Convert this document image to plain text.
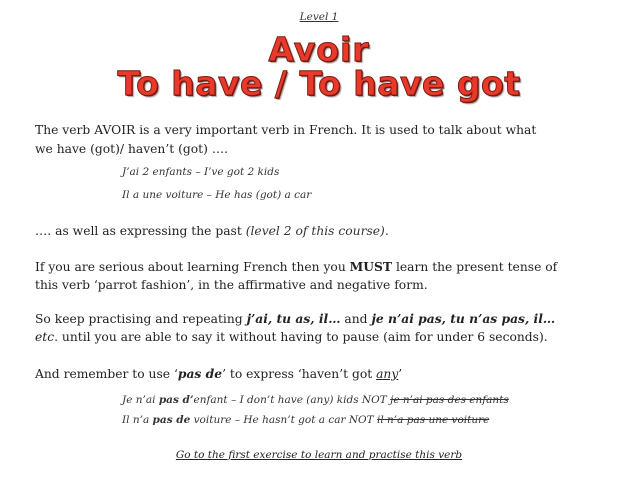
Level 1
Avoir
To have / To have got
The verb AVOIR is a very important verb in French. It is used to talk about what
we have (got)/ haven’t (got) ….
J’ai 2 enfants – I’ve got 2 kids
Il a une voiture – He has (got) a car
…. as well as expressing the past (level 2 of this course).
If you are serious about learning French then you MUST learn the present tense of
this verb ‘parrot fashion’, in the affirmative and negative form.
So keep practising and repeating j’ai, tu as, il… and je n’ai pas, tu n’as pas, il…
etc. until you are able to say it without having to pause (aim for under 6 seconds).
And remember to use ‘pas de’ to express ‘haven’t got any’
Je n’ai pas d’enfant – I don’t have (any) kids NOT je n’ai pas des enfants
Il n’a pas de voiture – He hasn’t got a car NOT il n’a pas une voiture
Go to the first exercise to learn and practise this verb
